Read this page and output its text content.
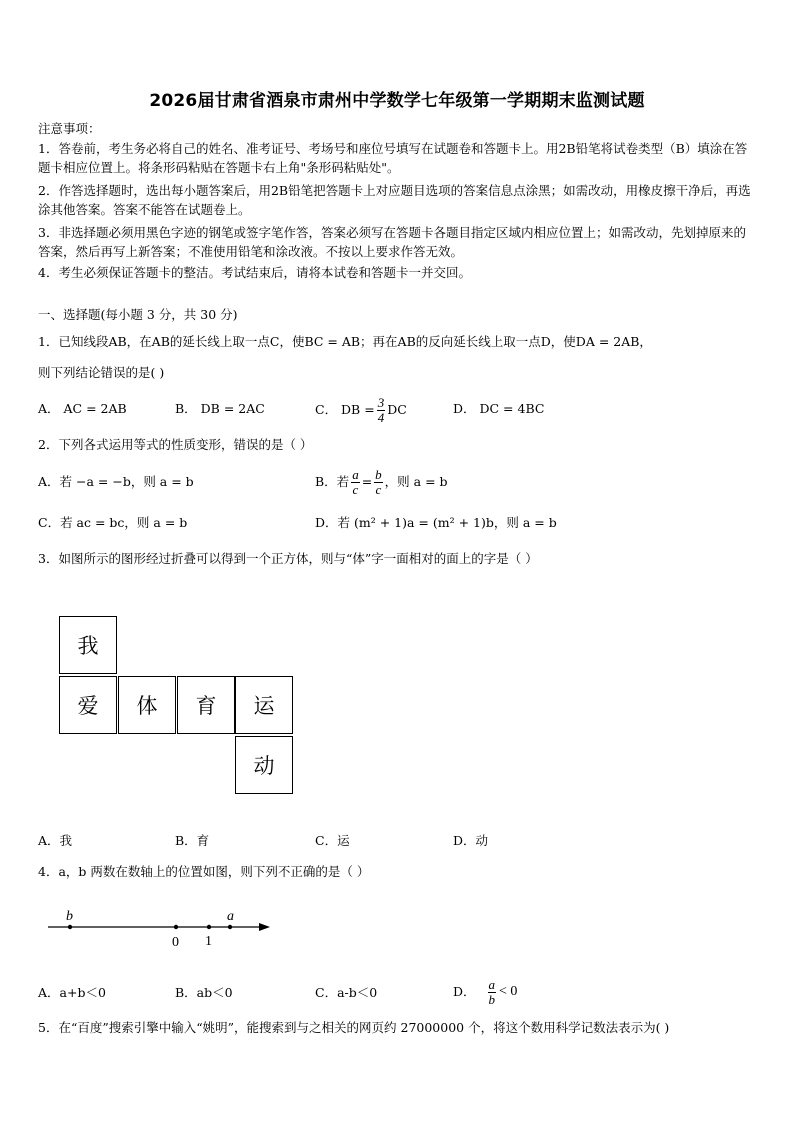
2026届甘肃省酒泉市肃州中学数学七年级第一学期期末监测试题
注意事项：
1．答卷前，考生务必将自己的姓名、准考证号、考场号和座位号填写在试题卷和答题卡上。用2B铅笔将试卷类型（B）填涂在答题卡相应位置上。将条形码粘贴在答题卡右上角"条形码粘贴处"。
2．作答选择题时，选出每小题答案后，用2B铅笔把答题卡上对应题目选项的答案信息点涂黑；如需改动，用橡皮擦干净后，再选涂其他答案。答案不能答在试题卷上。
3．非选择题必须用黑色字迹的钢笔或签字笔作答，答案必须写在答题卡各题目指定区域内相应位置上；如需改动，先划掉原来的答案，然后再写上新答案；不准使用铅笔和涂改液。不按以上要求作答无效。
4．考生必须保证答题卡的整洁。考试结束后，请将本试卷和答题卡一并交回。
一、选择题(每小题 3 分，共 30 分)
1．已知线段AB，在AB的延长线上取一点C，使BC = AB；再在AB的反向延长线上取一点D，使DA = 2AB，
则下列结论错误的是( )
A． AC = 2AB	B． DB = 2AC	C． DB = $\frac{3}{4}$ DC	D． DC = 4BC
2．下列各式运用等式的性质变形，错误的是（ ）
A．若 −a = −b，则 a = b	B．若 $\frac{a}{c} = \frac{b}{c}$ ，则 a = b
C．若 ac = bc，则 a = b	D．若 (m² + 1)a = (m² + 1)b，则 a = b
3．如图所示的图形经过折叠可以得到一个正方体，则与“体”字一面相对的面上的字是（ ）
我
爱	体	育	运
动
A．我	B．育	C．运	D．动
4．a，b 两数在数轴上的位置如图，则下列不正确的是（ ）
b	a
0 1
A．a+b＜0	B．ab＜0	C．a-b＜0	D． $\frac{a}{b} < 0$
5．在“百度”搜索引擎中输入“姚明”，能搜索到与之相关的网页约 27000000 个，将这个数用科学记数法表示为( )
